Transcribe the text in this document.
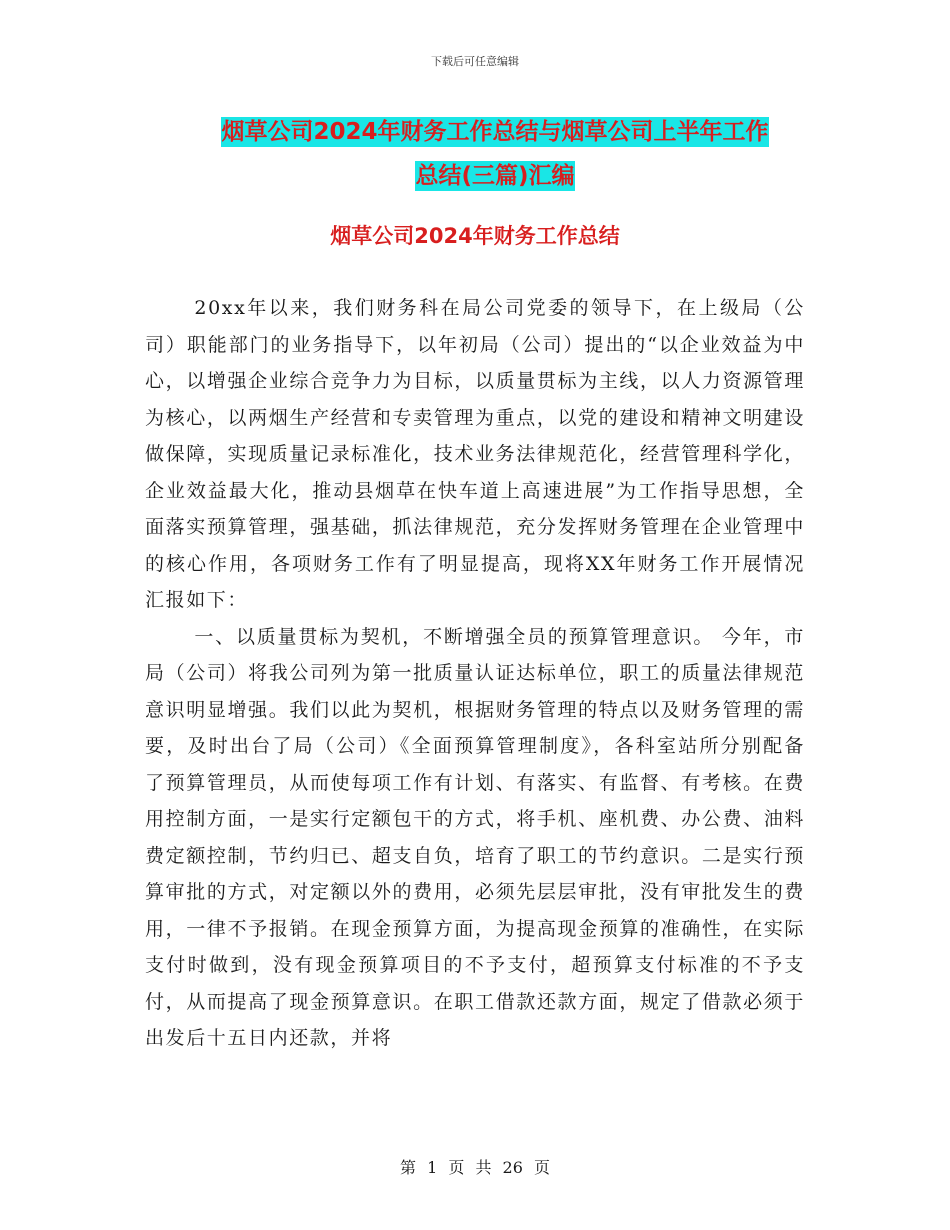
下载后可任意编辑
烟草公司2024年财务工作总结与烟草公司上半年工作
总结(三篇)汇编
烟草公司2024年财务工作总结

20xx年以来，我们财务科在局公司党委的领导下，在上级局（公司）职能部门的业务指导下，以年初局（公司）提出的“以企业效益为中心，以增强企业综合竞争力为目标，以质量贯标为主线，以人力资源管理为核心，以两烟生产经营和专卖管理为重点，以党的建设和精神文明建设做保障，实现质量记录标准化，技术业务法律规范化，经营管理科学化，企业效益最大化，推动县烟草在快车道上高速进展”为工作指导思想，全面落实预算管理，强基础，抓法律规范，充分发挥财务管理在企业管理中的核心作用，各项财务工作有了明显提高，现将XX年财务工作开展情况汇报如下：

一、以质量贯标为契机，不断增强全员的预算管理意识。 今年，市局（公司）将我公司列为第一批质量认证达标单位，职工的质量法律规范意识明显增强。我们以此为契机，根据财务管理的特点以及财务管理的需要，及时出台了局（公司）《全面预算管理制度》，各科室站所分别配备了预算管理员，从而使每项工作有计划、有落实、有监督、有考核。在费用控制方面，一是实行定额包干的方式，将手机、座机费、办公费、油料费定额控制，节约归已、超支自负，培育了职工的节约意识。二是实行预算审批的方式，对定额以外的费用，必须先层层审批，没有审批发生的费用，一律不予报销。在现金预算方面，为提高现金预算的准确性，在实际支付时做到，没有现金预算项目的不予支付，超预算支付标准的不予支付，从而提高了现金预算意识。在职工借款还款方面，规定了借款必须于出发后十五日内还款，并将

第 1 页 共 26 页
